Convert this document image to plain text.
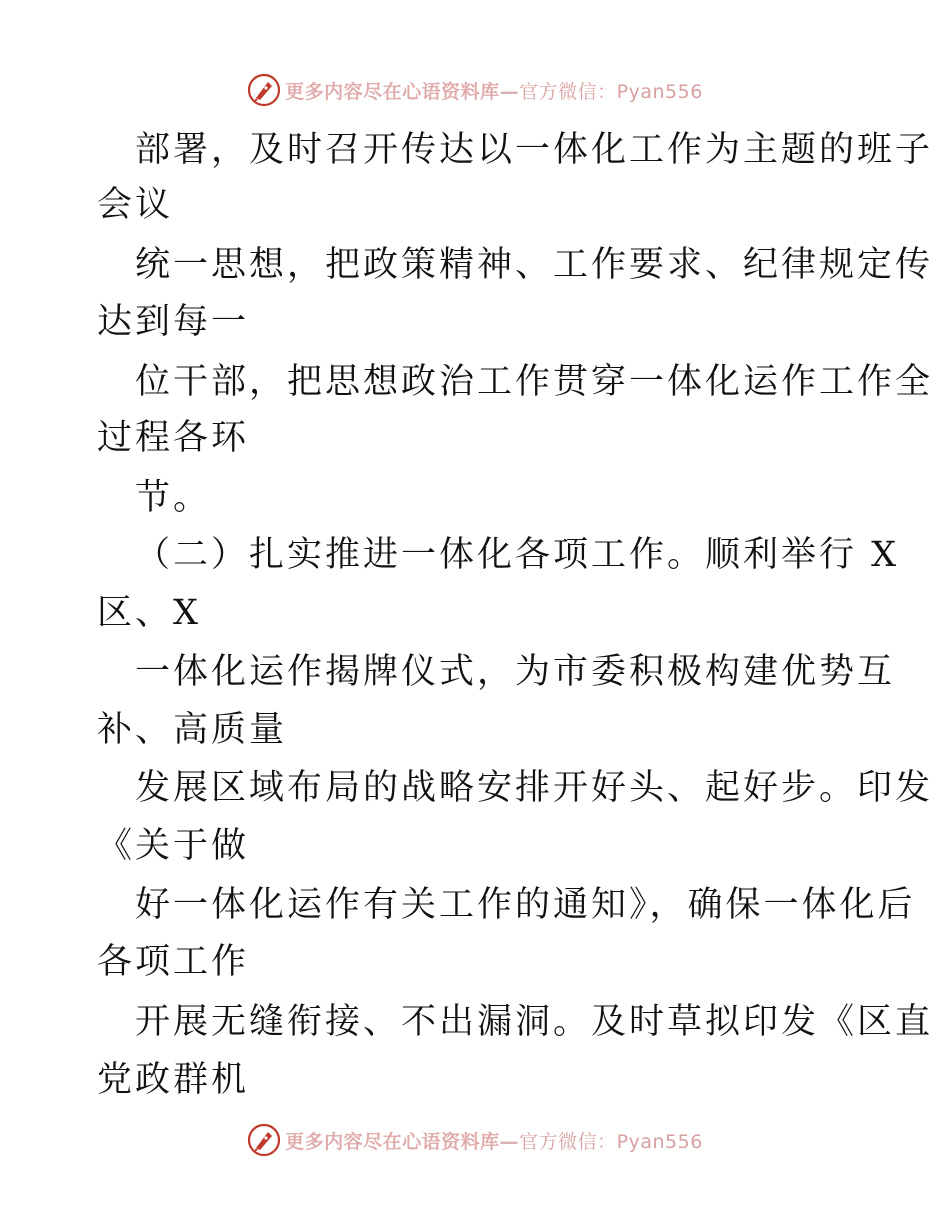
更多内容尽在心语资料库—官方微信：Pyan556
部署，及时召开传达以一体化工作为主题的班子
会议
统一思想，把政策精神、工作要求、纪律规定传
达到每一
位干部，把思想政治工作贯穿一体化运作工作全
过程各环
节。
（二）扎实推进一体化各项工作。顺利举行 X
区、X
一体化运作揭牌仪式，为市委积极构建优势互
补、高质量
发展区域布局的战略安排开好头、起好步。印发
《关于做
好一体化运作有关工作的通知》，确保一体化后
各项工作
开展无缝衔接、不出漏洞。及时草拟印发《区直
党政群机
更多内容尽在心语资料库—官方微信：Pyan556
